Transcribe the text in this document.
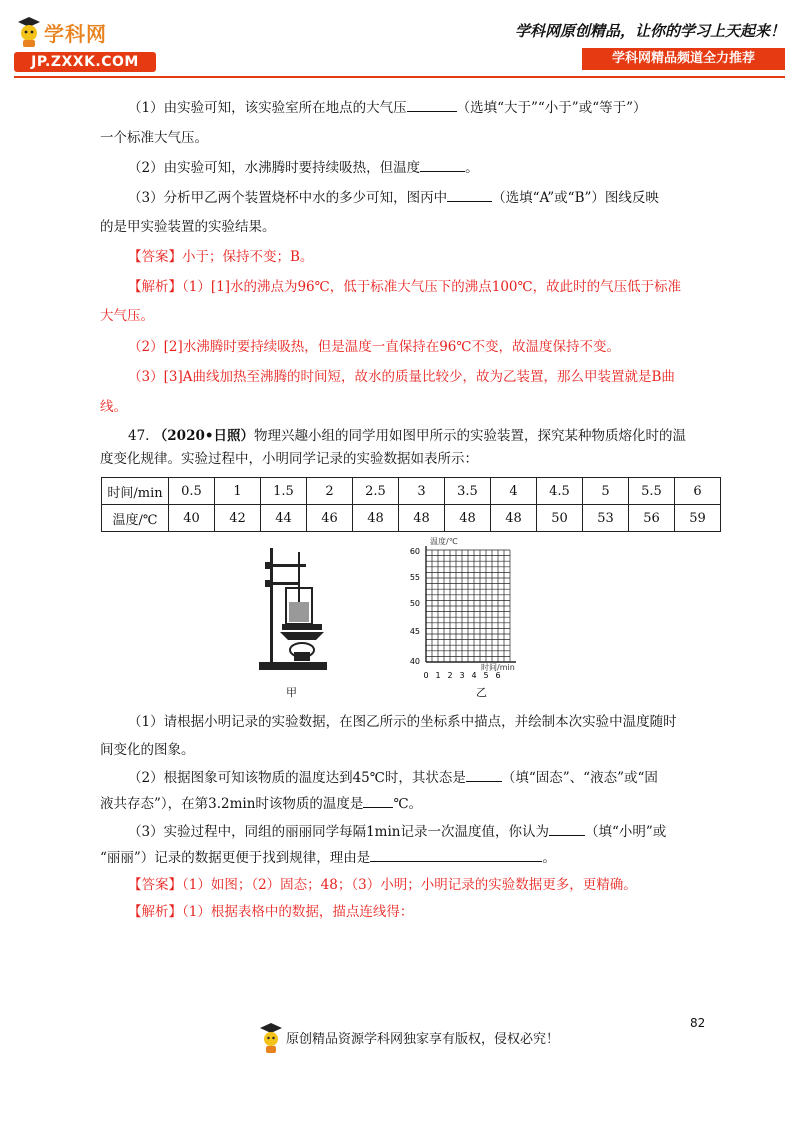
学科网
JP.ZXXK.COM
学科网原创精品，让你的学习上天起来！
学科网精品频道全力推荐
（1）由实验可知，该实验室所在地点的大气压	（选填“大于”“小于”或“等于”）
一个标准大气压。
（2）由实验可知，水沸腾时要持续吸热，但温度	。
（3）分析甲乙两个装置烧杯中水的多少可知，图丙中	（选填“A”或“B”）图线反映
的是甲实验装置的实验结果。
【答案】小于；保持不变；B。
【解析】（1）[1]水的沸点为96℃，低于标准大气压下的沸点100℃，故此时的气压低于标准
大气压。
（2）[2]水沸腾时要持续吸热，但是温度一直保持在96℃不变，故温度保持不变。
（3）[3]A曲线加热至沸腾的时间短，故水的质量比较少，故为乙装置，那么甲装置就是B曲
线。
47. （2020•日照）物理兴趣小组的同学用如图甲所示的实验装置，探究某种物质熔化时的温
度变化规律。实验过程中，小明同学记录的实验数据如表所示：
时间/min	0.5	1	1.5	2	2.5	3	3.5	4	4.5	5	5.5	6
温度/℃	40	42	44	46	48	48	48	48	50	53	56	59
甲
温度/℃
时间/min
60
55
50
45
40
0 1 2 3 4 5 6
乙
（1）请根据小明记录的实验数据，在图乙所示的坐标系中描点，并绘制本次实验中温度随时
间变化的图象。
（2）根据图象可知该物质的温度达到45℃时，其状态是	（填“固态”、“液态”或“固
液共存态”），在第3.2min时该物质的温度是 ℃。
（3）实验过程中，同组的丽丽同学每隔1min记录一次温度值，你认为	（填“小明”或
“丽丽”）记录的数据更便于找到规律，理由是	。
【答案】（1）如图；（2）固态；48；（3）小明；小明记录的实验数据更多，更精确。
【解析】（1）根据表格中的数据，描点连线得：
82
原创精品资源学科网独家享有版权，侵权必究！
